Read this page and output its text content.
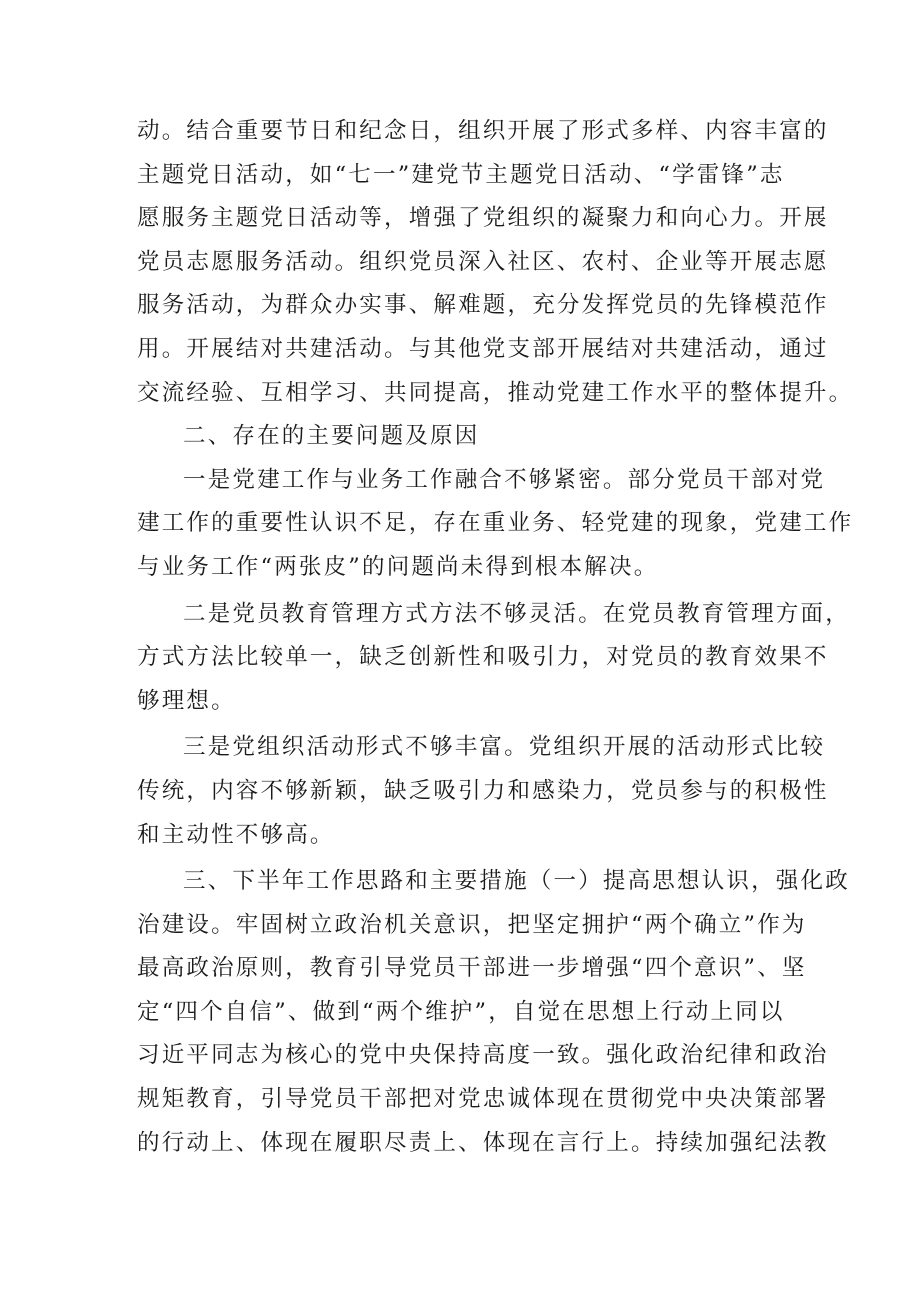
动。结合重要节日和纪念日，组织开展了形式多样、内容丰富的
主题党日活动，如“七一”建党节主题党日活动、“学雷锋”志
愿服务主题党日活动等，增强了党组织的凝聚力和向心力。开展
党员志愿服务活动。组织党员深入社区、农村、企业等开展志愿
服务活动，为群众办实事、解难题，充分发挥党员的先锋模范作
用。开展结对共建活动。与其他党支部开展结对共建活动，通过
交流经验、互相学习、共同提高，推动党建工作水平的整体提升。
二、存在的主要问题及原因
一是党建工作与业务工作融合不够紧密。部分党员干部对党
建工作的重要性认识不足，存在重业务、轻党建的现象，党建工作
与业务工作“两张皮”的问题尚未得到根本解决。
二是党员教育管理方式方法不够灵活。在党员教育管理方面，
方式方法比较单一，缺乏创新性和吸引力，对党员的教育效果不
够理想。
三是党组织活动形式不够丰富。党组织开展的活动形式比较
传统，内容不够新颖，缺乏吸引力和感染力，党员参与的积极性
和主动性不够高。
三、下半年工作思路和主要措施（一）提高思想认识，强化政
治建设。牢固树立政治机关意识，把坚定拥护“两个确立”作为
最高政治原则，教育引导党员干部进一步增强“四个意识”、坚
定“四个自信”、做到“两个维护”，自觉在思想上行动上同以
习近平同志为核心的党中央保持高度一致。强化政治纪律和政治
规矩教育，引导党员干部把对党忠诚体现在贯彻党中央决策部署
的行动上、体现在履职尽责上、体现在言行上。持续加强纪法教
